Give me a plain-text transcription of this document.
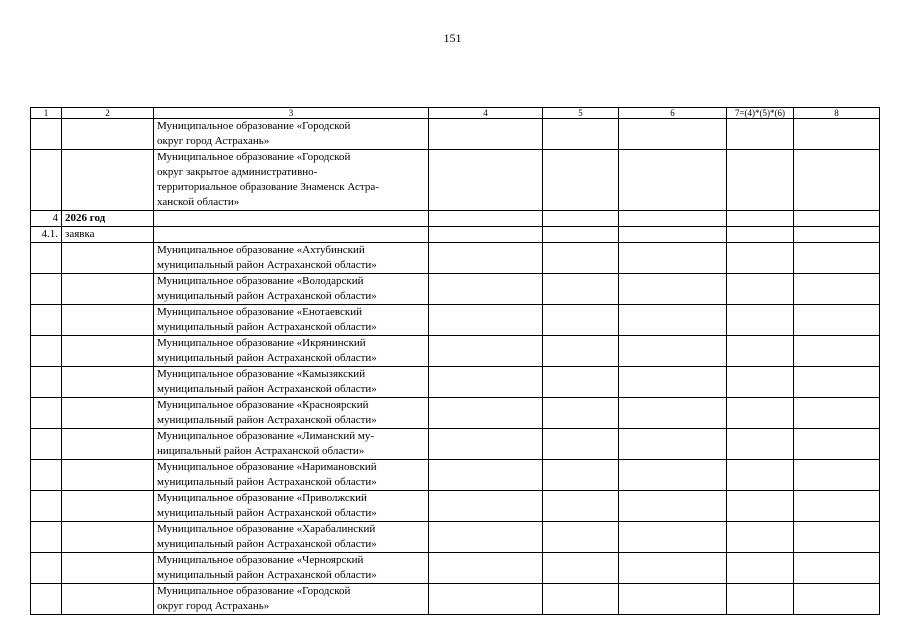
151
1	2	3	4	5	6	7=(4)*(5)*(6)	8
		Муниципальное образование «Городской
округ город Астрахань»					
		Муниципальное образование «Городской
округ закрытое административно-
территориальное образование Знаменск Астра-
ханской области»					
4	2026 год						
4.1.	заявка						
		Муниципальное образование «Ахтубинский
муниципальный район Астраханской области»					
		Муниципальное образование «Володарский
муниципальный район Астраханской области»					
		Муниципальное образование «Енотаевский
муниципальный район Астраханской области»					
		Муниципальное образование «Икрянинский
муниципальный район Астраханской области»					
		Муниципальное образование «Камызякский
муниципальный район Астраханской области»					
		Муниципальное образование «Красноярский
муниципальный район Астраханской области»					
		Муниципальное образование «Лиманский му-
ниципальный район Астраханской области»					
		Муниципальное образование «Наримановский
муниципальный район Астраханской области»					
		Муниципальное образование «Приволжский
муниципальный район Астраханской области»					
		Муниципальное образование «Харабалинский
муниципальный район Астраханской области»					
		Муниципальное образование «Черноярский
муниципальный район Астраханской области»					
		Муниципальное образование «Городской
округ город Астрахань»					
